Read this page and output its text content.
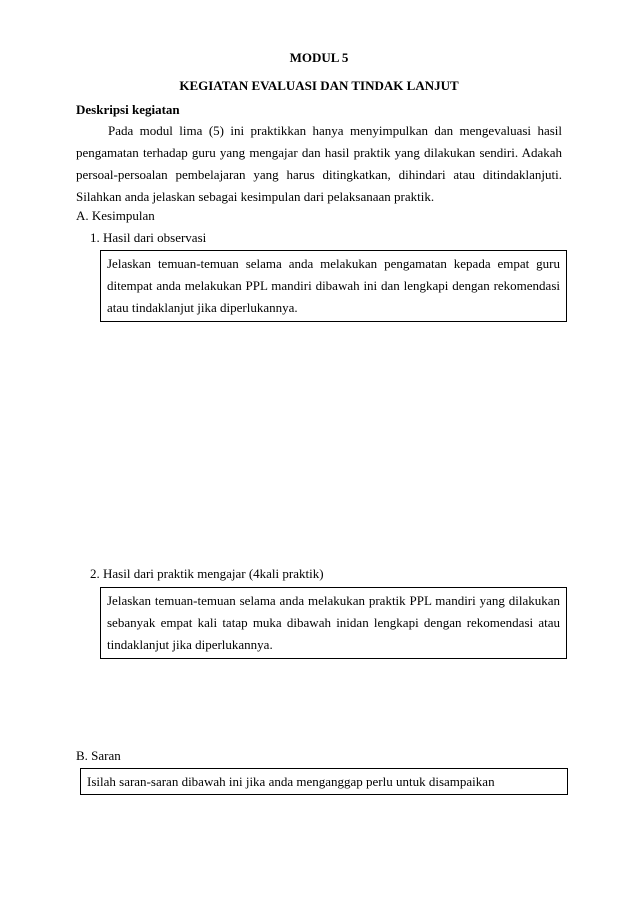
MODUL 5
KEGIATAN EVALUASI DAN TINDAK LANJUT
Deskripsi kegiatan
Pada modul lima (5) ini praktikkan hanya menyimpulkan dan mengevaluasi hasil
pengamatan terhadap guru yang mengajar dan hasil praktik yang dilakukan sendiri. Adakah
persoal-persoalan pembelajaran yang harus ditingkatkan, dihindari atau ditindaklanjuti.
Silahkan anda jelaskan sebagai kesimpulan dari pelaksanaan praktik.
A. Kesimpulan
1. Hasil dari observasi
Jelaskan temuan-temuan selama anda melakukan pengamatan kepada empat guru
ditempat anda melakukan PPL mandiri dibawah ini dan lengkapi dengan rekomendasi
atau tindaklanjut jika diperlukannya.
2. Hasil dari praktik mengajar (4kali praktik)
Jelaskan temuan-temuan selama anda melakukan praktik PPL mandiri yang dilakukan
sebanyak empat kali tatap muka dibawah inidan lengkapi dengan rekomendasi atau
tindaklanjut jika diperlukannya.
B. Saran
Isilah saran-saran dibawah ini jika anda menganggap perlu untuk disampaikan
